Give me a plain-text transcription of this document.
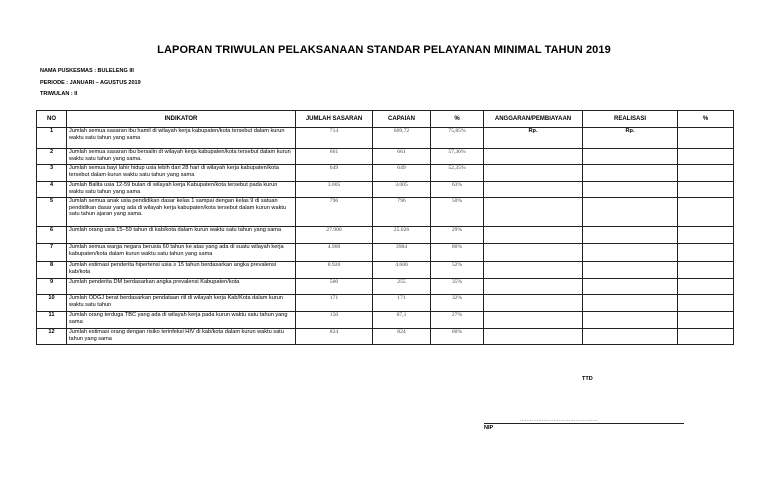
LAPORAN TRIWULAN PELAKSANAAN STANDAR PELAYANAN MINIMAL TAHUN 2019
NAMA PUSKESMAS : BULELENG III
PERIODE : JANUARI – AGUSTUS 2019
TRIWULAN : II
NO	INDIKATOR	JUMLAH SASARAN	CAPAIAN	%	ANGGARAN/PEMBIAYAAN	REALISASI	%
1	Jumlah semua sasaran ibu hamil di wilayah kerja kabupaten/kota tersebut dalam kurun waktu satu tahun yang sama	714	609,72	75,85%	Rp.	Rp.	
2	Jumlah semua sasaran ibu bersalin di wilayah kerja kabupaten/kota tersebut dalam kurun waktu satu tahun yang sama.	661	661	57,36%			
3	Jumlah semua bayi lahir hidup usia lebih dari 28 hari di wilayah kerja kabupaten/kota tersebut dalam kurun waktu satu tahun yang sama	649	649	52,35%			
4	Jumlah Balita usia 12-59 bulan di wilayah kerja Kabupaten/kota tersebut pada kurun waktu satu tahun yang sama	3.005	3.005	63%			
5	Jumlah semua anak usia pendidikan dasar kelas 1 sampai dengan kelas 9 di satuan pendidikan dasar yang ada di wilayah kerja kabupaten/kota tersebut dalam kurun waktu satu tahun ajaran yang sama.	796	796	50%			
6	Jumlah orang usia 15–59 tahun di kab/kota dalam kurun waktu satu tahun yang sama	27.900	25.026	29%			
7	Jumlah semua warga negara berusia 60 tahun ke atas yang ada di suatu wilayah kerja kabupaten/kota dalam kurun waktu satu tahun yang sama	4.900	3984	80%			
8	Jumlah estimasi penderita hipertensi usia ≥ 15 tahun berdasarkan angka prevalensi kab/kota	8.920	4.600	52%			
9	Jumlah penderita DM berdasarkan angka prevalensi Kabupaten/kota	500	255	35%			
10	Jumlah ODGJ berat berdasarkan pendataan riil di wilayah kerja Kab/Kota dalam kurun waktu satu tahun	171	171	32%			
11	Jumlah orang terduga TBC yang ada di wilayah kerja pada kurun waktu satu tahun yang sama	150	67,1	27%			
12	Jumlah estimasi orang dengan risiko terinfeksi HIV di kab/kota dalam kurun waktu satu tahun yang sama	824	824	60%			
TTD
..............................................
NIP
